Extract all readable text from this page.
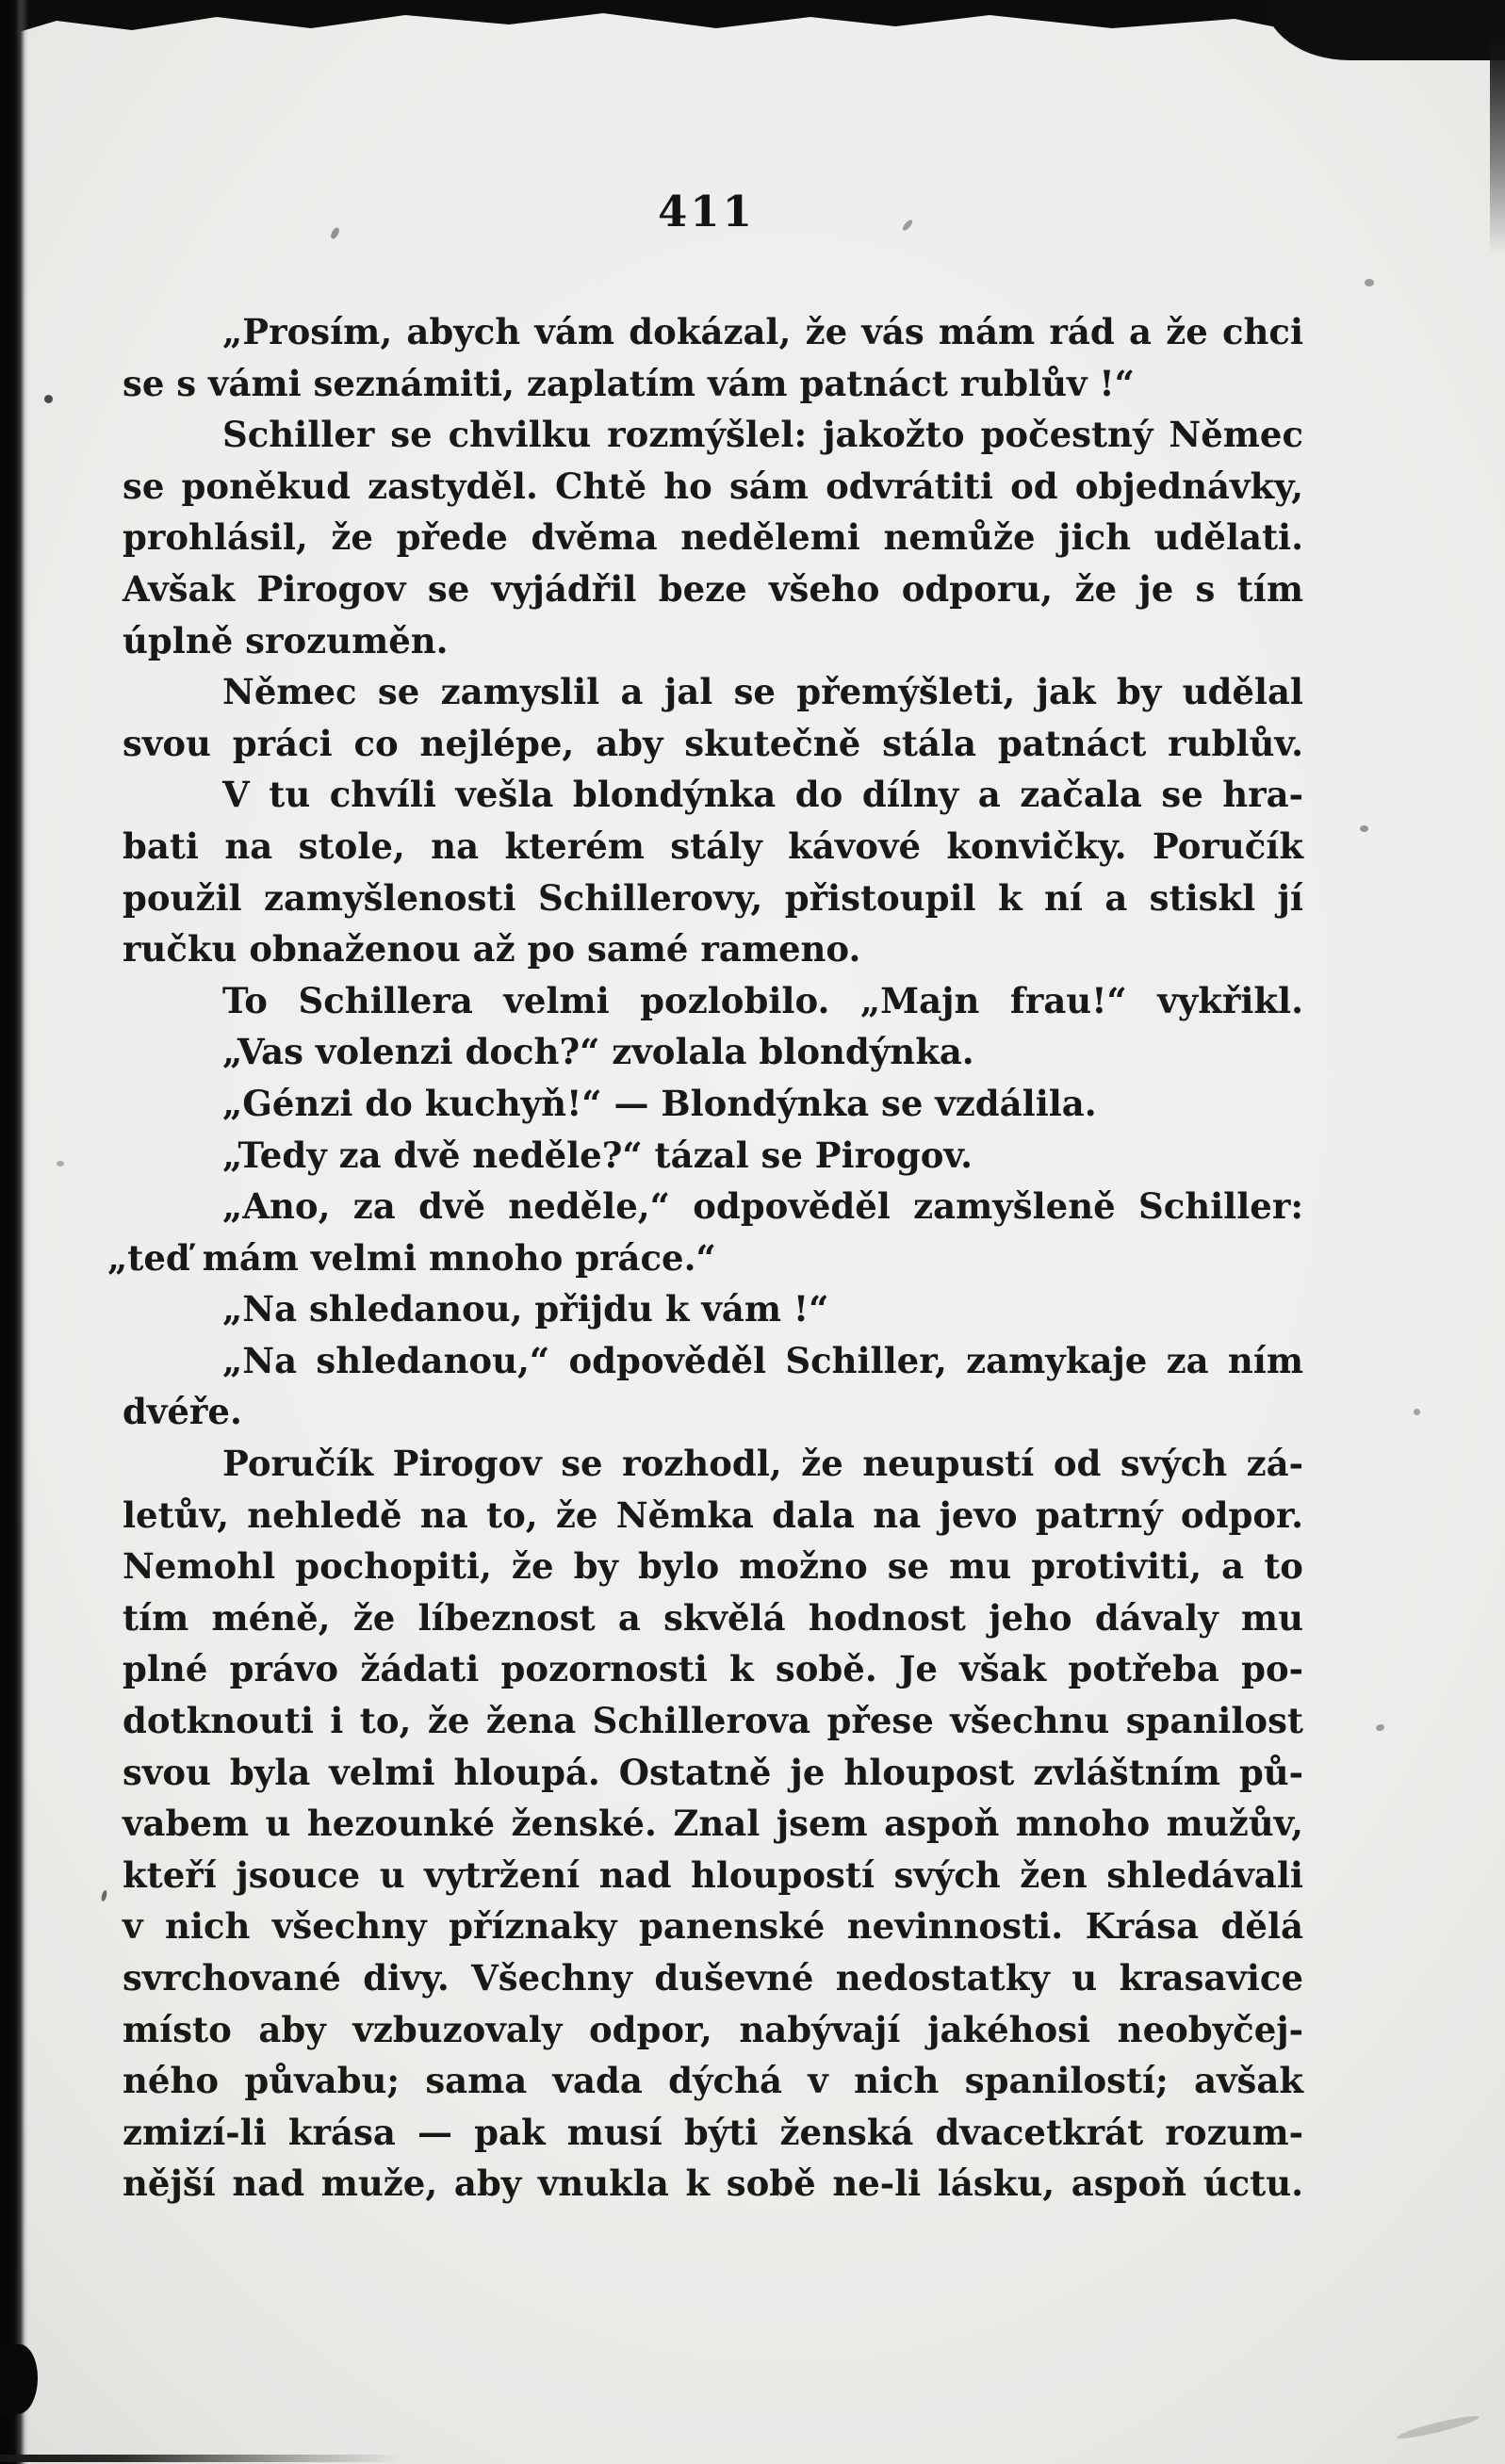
411
„Prosím, abych vám dokázal, že vás mám rád a že chci
se s vámi seznámiti, zaplatím vám patnáct rublův !“
Schiller se chvilku rozmýšlel: jakožto počestný Němec
se poněkud zastyděl. Chtě ho sám odvrátiti od objednávky,
prohlásil, že přede dvěma nedělemi nemůže jich udělati.
Avšak Pirogov se vyjádřil beze všeho odporu, že je s tím
úplně srozuměn.
Němec se zamyslil a jal se přemýšleti, jak by udělal
svou práci co nejlépe, aby skutečně stála patnáct rublův.
V tu chvíli vešla blondýnka do dílny a začala se hra-
bati na stole, na kterém stály kávové konvičky. Poručík
použil zamyšlenosti Schillerovy, přistoupil k ní a stiskl jí
ručku obnaženou až po samé rameno.
To Schillera velmi pozlobilo. „Majn frau!“ vykřikl.
„Vas volenzi doch?“ zvolala blondýnka.
„Génzi do kuchyň!“ — Blondýnka se vzdálila.
„Tedy za dvě neděle?“ tázal se Pirogov.
„Ano, za dvě neděle,“ odpověděl zamyšleně Schiller:
„teď mám velmi mnoho práce.“
„Na shledanou, přijdu k vám !“
„Na shledanou,“ odpověděl Schiller, zamykaje za ním
dvéře.
Poručík Pirogov se rozhodl, že neupustí od svých zá-
letův, nehledě na to, že Němka dala na jevo patrný odpor.
Nemohl pochopiti, že by bylo možno se mu protiviti, a to
tím méně, že líbeznost a skvělá hodnost jeho dávaly mu
plné právo žádati pozornosti k sobě. Je však potřeba po-
dotknouti i to, že žena Schillerova přese všechnu spanilost
svou byla velmi hloupá. Ostatně je hloupost zvláštním pů-
vabem u hezounké ženské. Znal jsem aspoň mnoho mužův,
kteří jsouce u vytržení nad hloupostí svých žen shledávali
v nich všechny příznaky panenské nevinnosti. Krása dělá
svrchované divy. Všechny duševné nedostatky u krasavice
místo aby vzbuzovaly odpor, nabývají jakéhosi neobyčej-
ného půvabu; sama vada dýchá v nich spanilostí; avšak
zmizí-li krása — pak musí býti ženská dvacetkrát rozum-
nější nad muže, aby vnukla k sobě ne-li lásku, aspoň úctu.
